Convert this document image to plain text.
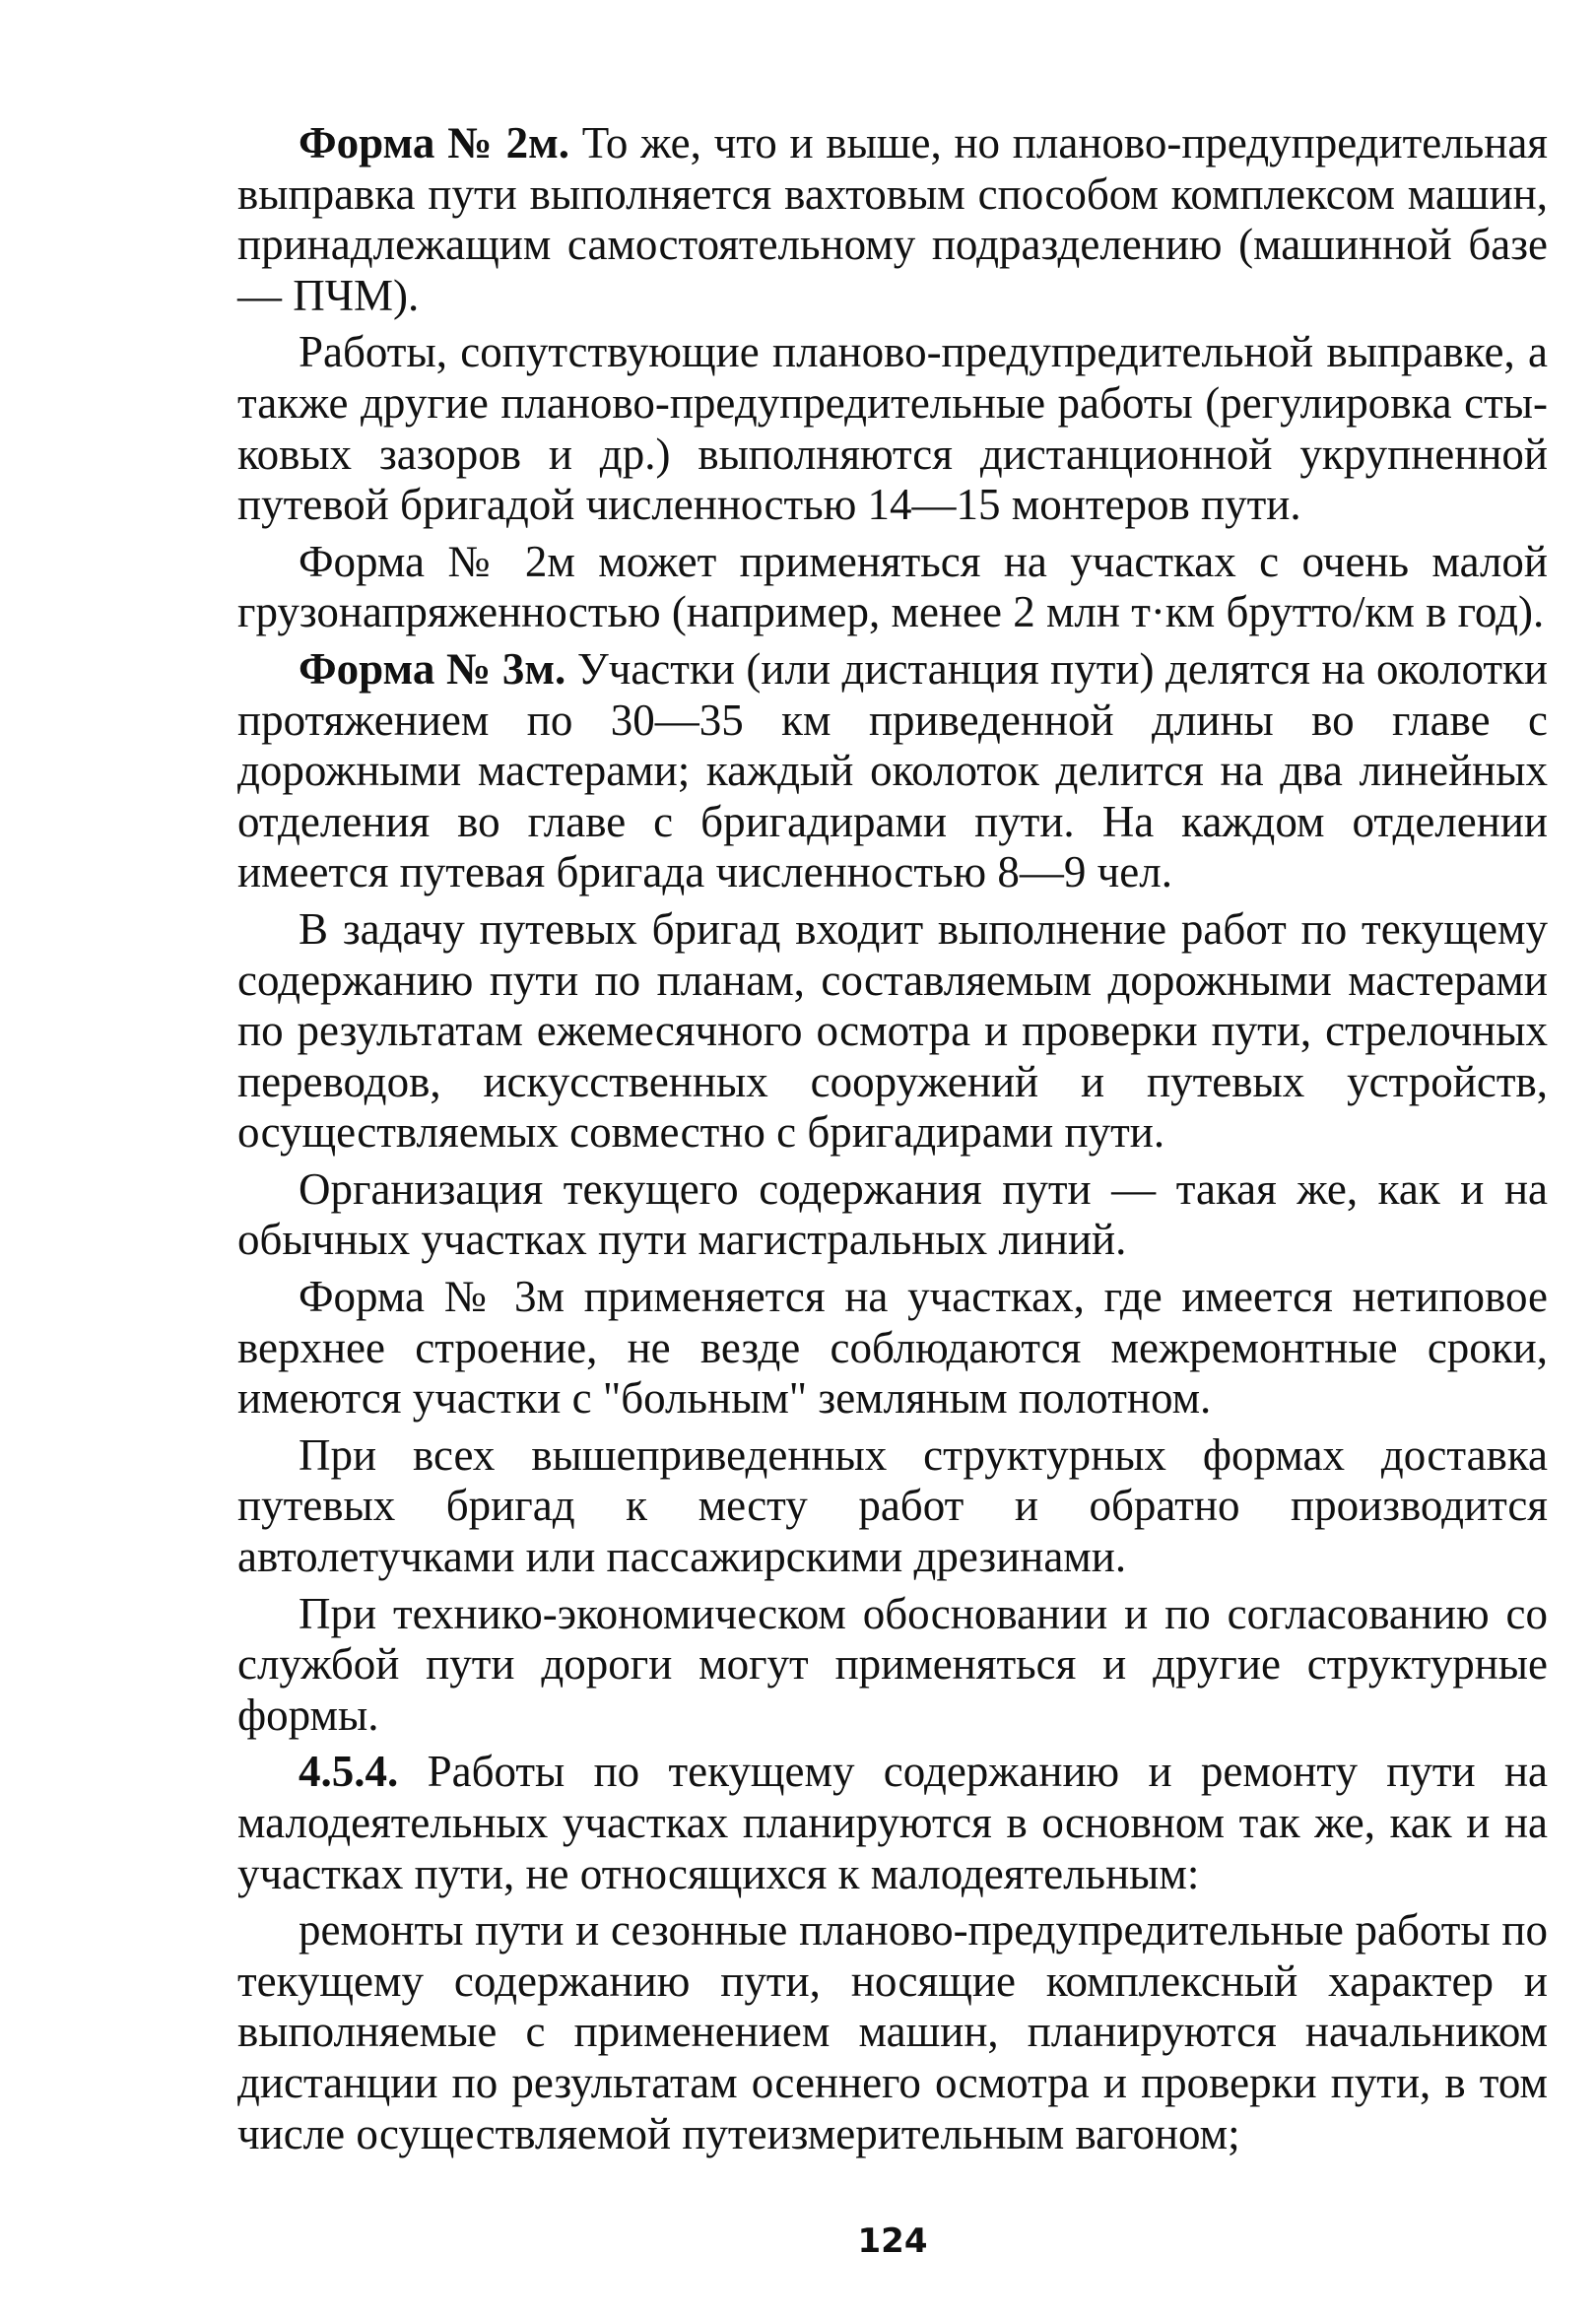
Форма № 2м. То же, что и выше, но планово-предупредительная выправка пути выполняется вахтовым способом комплексом машин, принадлежащим самостоятельному подразделению (машинной базе — ПЧМ).

Работы, сопутствующие планово-предупредительной выправке, а также другие планово-предупредительные работы (регулировка стыковых зазоров и др.) выполняются дистанционной укрупненной путевой бригадой численностью 14—15 монтеров пути.

Форма № 2м может применяться на участках с очень малой грузонапряженностью (например, менее 2 млн т·км брутто/км в год).

Форма № 3м. Участки (или дистанция пути) делятся на околотки протяжением по 30—35 км приведенной длины во главе с дорожными мастерами; каждый околоток делится на два линейных отделения во главе с бригадирами пути. На каждом отделении имеется путевая бригада численностью 8—9 чел.

В задачу путевых бригад входит выполнение работ по текущему содержанию пути по планам, составляемым дорожными мастерами по результатам ежемесячного осмотра и проверки пути, стрелочных переводов, искусственных сооружений и путевых устройств, осуществляемых совместно с бригадирами пути.

Организация текущего содержания пути — такая же, как и на обычных участках пути магистральных линий.

Форма № 3м применяется на участках, где имеется нетиповое верхнее строение, не везде соблюдаются межремонтные сроки, имеются участки с "больным" земляным полотном.

При всех вышеприведенных структурных формах доставка путевых бригад к месту работ и обратно производится автолетучками или пассажирскими дрезинами.

При технико-экономическом обосновании и по согласованию со службой пути дороги могут применяться и другие структурные формы.

4.5.4. Работы по текущему содержанию и ремонту пути на малодеятельных участках планируются в основном так же, как и на участках пути, не относящихся к малодеятельным:

ремонты пути и сезонные планово-предупредительные работы по текущему содержанию пути, носящие комплексный характер и выполняемые с применением машин, планируются начальником дистанции по результатам осеннего осмотра и проверки пути, в том числе осуществляемой путеизмерительным вагоном;

124
